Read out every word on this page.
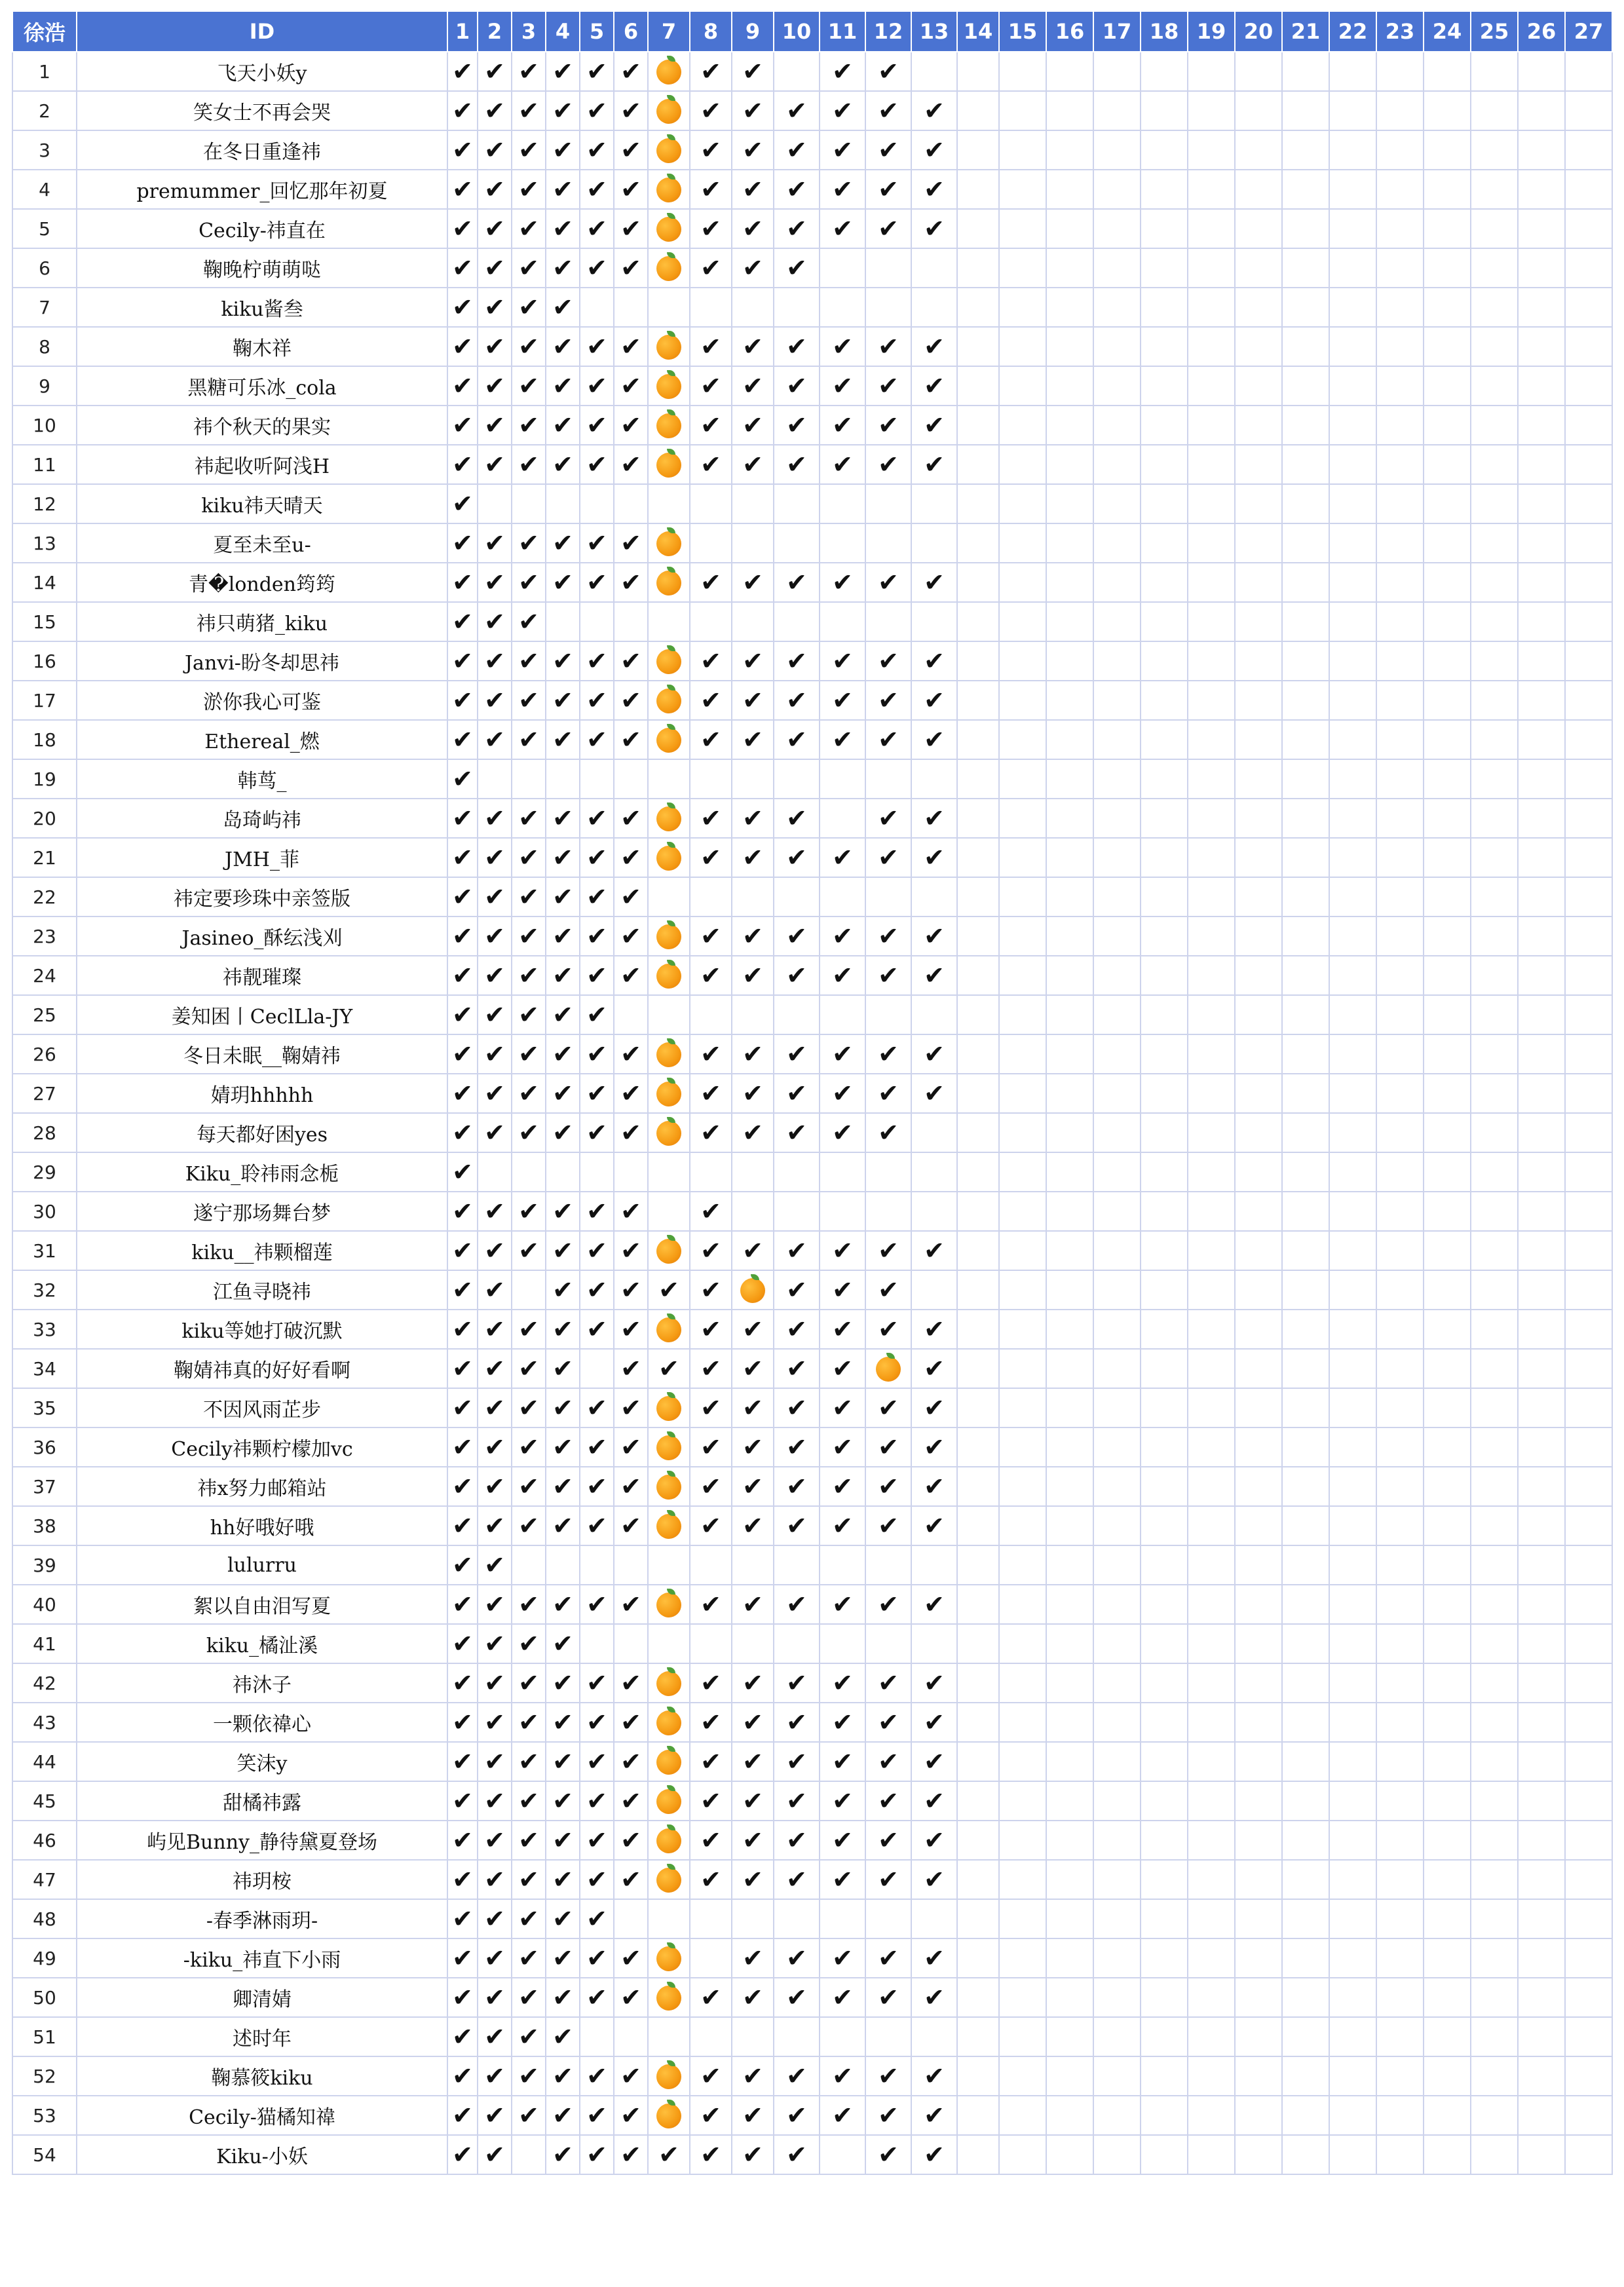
徐浩	ID	1	2	3	4	5	6	7	8	9	10	11	12	13	14	15	16	17	18	19	20	21	22	23	24	25	26	27
1	飞天小妖y	✔	✔	✔	✔	✔	✔		✔	✔		✔	✔															
2	笑女士不再会哭	✔	✔	✔	✔	✔	✔		✔	✔	✔	✔	✔	✔														
3	在冬日重逢祎	✔	✔	✔	✔	✔	✔		✔	✔	✔	✔	✔	✔														
4	premummer_回忆那年初夏	✔	✔	✔	✔	✔	✔		✔	✔	✔	✔	✔	✔														
5	Cecily-祎直在	✔	✔	✔	✔	✔	✔		✔	✔	✔	✔	✔	✔														
6	鞠晚柠萌萌哒	✔	✔	✔	✔	✔	✔		✔	✔	✔																	
7	kiku酱叁	✔	✔	✔	✔																							
8	鞠木祥	✔	✔	✔	✔	✔	✔		✔	✔	✔	✔	✔	✔														
9	黑糖可乐冰_cola	✔	✔	✔	✔	✔	✔		✔	✔	✔	✔	✔	✔														
10	祎个秋天的果实	✔	✔	✔	✔	✔	✔		✔	✔	✔	✔	✔	✔														
11	祎起收听阿浅H	✔	✔	✔	✔	✔	✔		✔	✔	✔	✔	✔	✔														
12	kiku祎天晴天	✔																										
13	夏至未至u-	✔	✔	✔	✔	✔	✔																					
14	青�londen筠筠	✔	✔	✔	✔	✔	✔		✔	✔	✔	✔	✔	✔														
15	祎只萌猪_kiku	✔	✔	✔																								
16	Janvi-盼冬却思祎	✔	✔	✔	✔	✔	✔		✔	✔	✔	✔	✔	✔														
17	淤你我心可鉴	✔	✔	✔	✔	✔	✔		✔	✔	✔	✔	✔	✔														
18	Ethereal_燃	✔	✔	✔	✔	✔	✔		✔	✔	✔	✔	✔	✔														
19	韩茑_	✔																										
20	岛琦屿祎	✔	✔	✔	✔	✔	✔		✔	✔	✔		✔	✔														
21	JMH_菲	✔	✔	✔	✔	✔	✔		✔	✔	✔	✔	✔	✔														
22	祎定要珍珠中亲签版	✔	✔	✔	✔	✔	✔																					
23	Jasineo_酥纭浅刈	✔	✔	✔	✔	✔	✔		✔	✔	✔	✔	✔	✔														
24	祎靓璀璨	✔	✔	✔	✔	✔	✔		✔	✔	✔	✔	✔	✔														
25	姜知困丨CeclLla-JY	✔	✔	✔	✔	✔																						
26	冬日未眠__鞠婧祎	✔	✔	✔	✔	✔	✔		✔	✔	✔	✔	✔	✔														
27	婧玥hhhhh	✔	✔	✔	✔	✔	✔		✔	✔	✔	✔	✔	✔														
28	每天都好困yes	✔	✔	✔	✔	✔	✔		✔	✔	✔	✔	✔															
29	Kiku_聆祎雨念栀	✔																										
30	遂宁那场舞台梦	✔	✔	✔	✔	✔	✔		✔																			
31	kiku__祎颗榴莲	✔	✔	✔	✔	✔	✔		✔	✔	✔	✔	✔	✔														
32	江鱼寻晓祎	✔	✔		✔	✔	✔	✔	✔		✔	✔	✔															
33	kiku等她打破沉默	✔	✔	✔	✔	✔	✔		✔	✔	✔	✔	✔	✔														
34	鞠婧祎真的好好看啊	✔	✔	✔	✔		✔	✔	✔	✔	✔	✔		✔														
35	不因风雨芷步	✔	✔	✔	✔	✔	✔		✔	✔	✔	✔	✔	✔														
36	Cecily祎颗柠檬加vc	✔	✔	✔	✔	✔	✔		✔	✔	✔	✔	✔	✔														
37	祎x努力邮箱站	✔	✔	✔	✔	✔	✔		✔	✔	✔	✔	✔	✔														
38	hh好哦好哦	✔	✔	✔	✔	✔	✔		✔	✔	✔	✔	✔	✔														
39	lulurru	✔	✔																									
40	絮以自由泪写夏	✔	✔	✔	✔	✔	✔		✔	✔	✔	✔	✔	✔														
41	kiku_橘沚溪	✔	✔	✔	✔																							
42	祎沐子	✔	✔	✔	✔	✔	✔		✔	✔	✔	✔	✔	✔														
43	一颗依禕心	✔	✔	✔	✔	✔	✔		✔	✔	✔	✔	✔	✔														
44	笑沫y	✔	✔	✔	✔	✔	✔		✔	✔	✔	✔	✔	✔														
45	甜橘祎露	✔	✔	✔	✔	✔	✔		✔	✔	✔	✔	✔	✔														
46	屿见Bunny_静待黛夏登场	✔	✔	✔	✔	✔	✔		✔	✔	✔	✔	✔	✔														
47	祎玥桉	✔	✔	✔	✔	✔	✔		✔	✔	✔	✔	✔	✔														
48	-春季淋雨玥-	✔	✔	✔	✔	✔																						
49	-kiku_祎直下小雨	✔	✔	✔	✔	✔	✔			✔	✔	✔	✔	✔														
50	卿清婧	✔	✔	✔	✔	✔	✔		✔	✔	✔	✔	✔	✔														
51	述时年	✔	✔	✔	✔																							
52	鞠慕筱kiku	✔	✔	✔	✔	✔	✔		✔	✔	✔	✔	✔	✔														
53	Cecily-猫橘知禕	✔	✔	✔	✔	✔	✔		✔	✔	✔	✔	✔	✔														
54	Kiku-小妖	✔	✔		✔	✔	✔	✔	✔	✔	✔		✔	✔														
